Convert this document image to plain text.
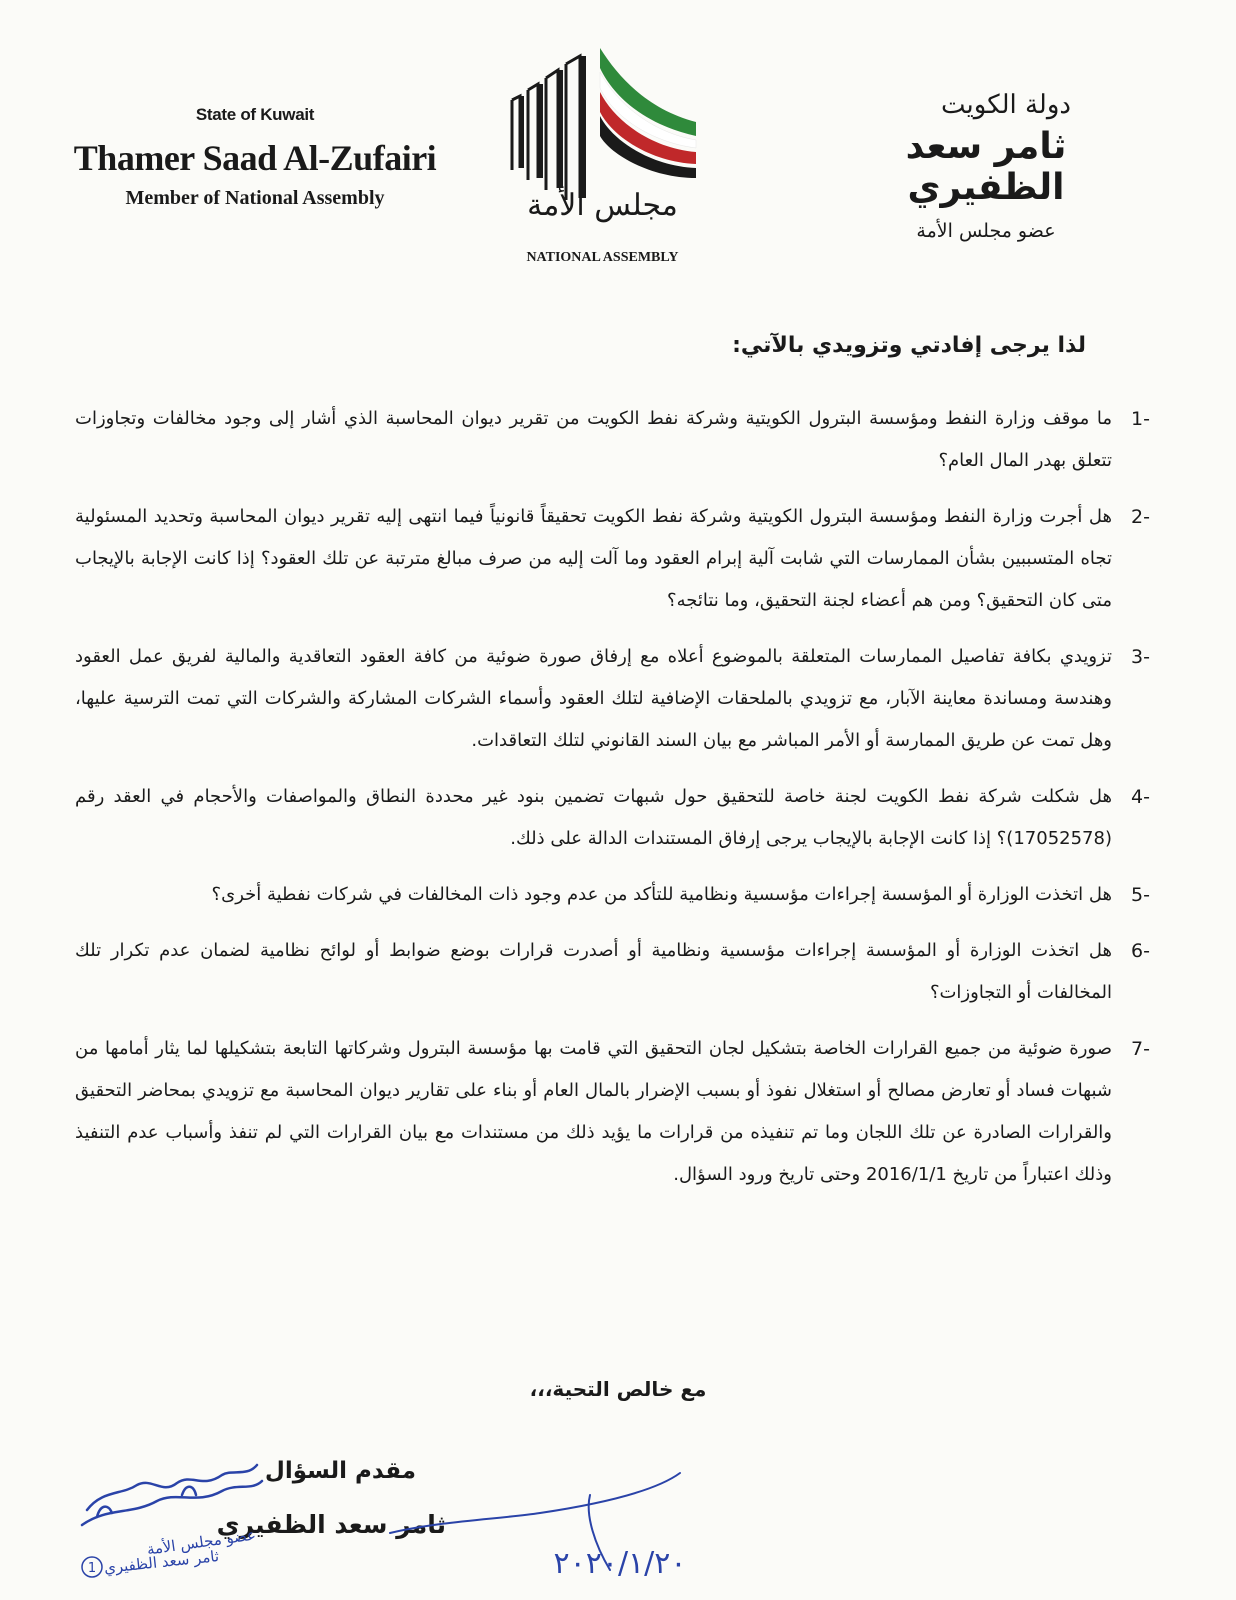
State of Kuwait
Thamer Saad Al-Zufairi
Member of National Assembly	مجلس الأمة
NATIONAL ASSEMBLY
دولة الكويت
ثامر سعد الظفيري
عضو مجلس الأمة
لذا يرجى إفادتي وتزويدي بالآتي:
-1
ما موقف وزارة النفط ومؤسسة البترول الكويتية وشركة نفط الكويت من تقرير ديوان المحاسبة الذي أشار إلى وجود مخالفات وتجاوزات تتعلق بهدر المال العام؟
-2
هل أجرت وزارة النفط ومؤسسة البترول الكويتية وشركة نفط الكويت تحقيقاً قانونياً فيما انتهى إليه تقرير ديوان المحاسبة وتحديد المسئولية تجاه المتسببين بشأن الممارسات التي شابت آلية إبرام العقود وما آلت إليه من صرف مبالغ مترتبة عن تلك العقود؟ إذا كانت الإجابة بالإيجاب متى كان التحقيق؟ ومن هم أعضاء لجنة التحقيق، وما نتائجه؟
-3
تزويدي بكافة تفاصيل الممارسات المتعلقة بالموضوع أعلاه مع إرفاق صورة ضوئية من كافة العقود التعاقدية والمالية لفريق عمل العقود وهندسة ومساندة معاينة الآبار، مع تزويدي بالملحقات الإضافية لتلك العقود وأسماء الشركات المشاركة والشركات التي تمت الترسية عليها، وهل تمت عن طريق الممارسة أو الأمر المباشر مع بيان السند القانوني لتلك التعاقدات.
-4
هل شكلت شركة نفط الكويت لجنة خاصة للتحقيق حول شبهات تضمين بنود غير محددة النطاق والمواصفات والأحجام في العقد رقم (17052578)؟ إذا كانت الإجابة بالإيجاب يرجى إرفاق المستندات الدالة على ذلك.
-5
هل اتخذت الوزارة أو المؤسسة إجراءات مؤسسية ونظامية للتأكد من عدم وجود ذات المخالفات في شركات نفطية أخرى؟
-6
هل اتخذت الوزارة أو المؤسسة إجراءات مؤسسية ونظامية أو أصدرت قرارات بوضع ضوابط أو لوائح نظامية لضمان عدم تكرار تلك المخالفات أو التجاوزات؟
-7
صورة ضوئية من جميع القرارات الخاصة بتشكيل لجان التحقيق التي قامت بها مؤسسة البترول وشركاتها التابعة بتشكيلها لما يثار أمامها من شبهات فساد أو تعارض مصالح أو استغلال نفوذ أو بسبب الإضرار بالمال العام أو بناء على تقارير ديوان المحاسبة مع تزويدي بمحاضر التحقيق والقرارات الصادرة عن تلك اللجان وما تم تنفيذه من قرارات ما يؤيد ذلك من مستندات مع بيان القرارات التي لم تنفذ وأسباب عدم التنفيذ وذلك اعتباراً من تاريخ 2016/1/1 وحتى تاريخ ورود السؤال.
مع خالص التحية،،،
مقدم السؤال
ثامر سعد الظفيري
عضو مجلس الأمة
ثامر سعد الظفيري
1	٢٠٢٠/١/٢٠
